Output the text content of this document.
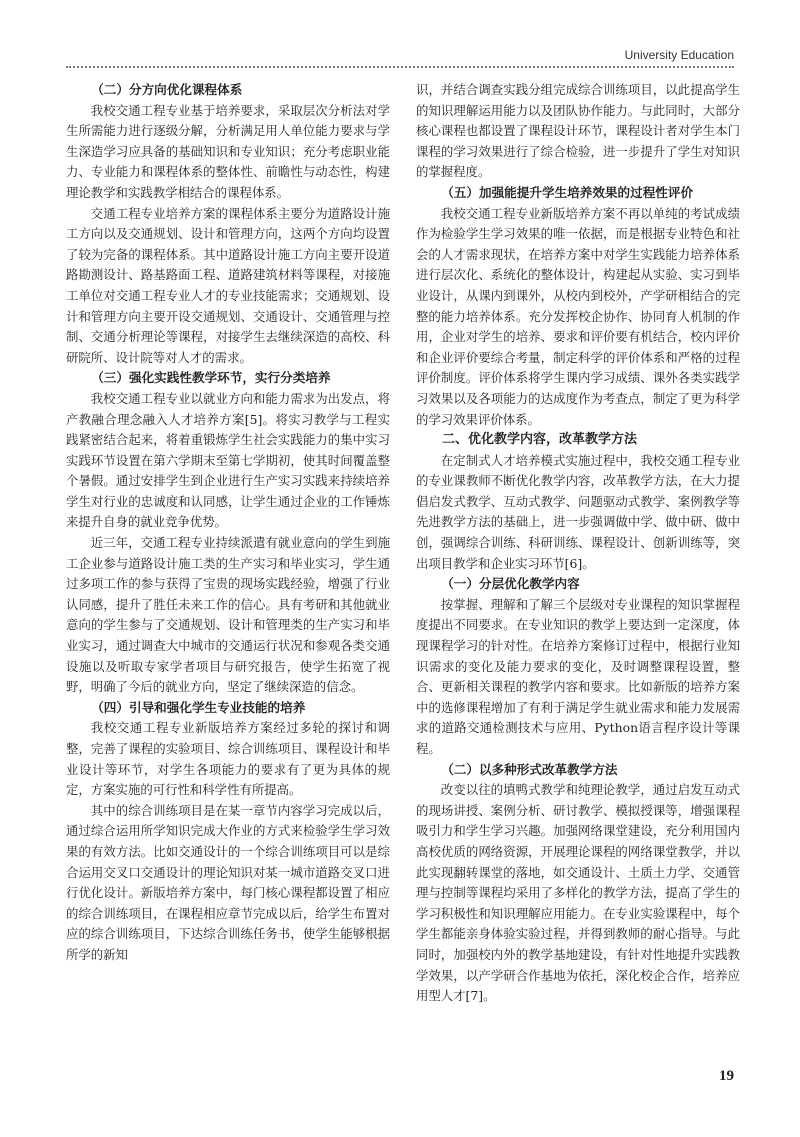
University Education
（二）分方向优化课程体系

我校交通工程专业基于培养要求，采取层次分析法对学生所需能力进行逐级分解，分析满足用人单位能力要求与学生深造学习应具备的基础知识和专业知识；充分考虑职业能力、专业能力和课程体系的整体性、前瞻性与动态性，构建理论教学和实践教学相结合的课程体系。

交通工程专业培养方案的课程体系主要分为道路设计施工方向以及交通规划、设计和管理方向，这两个方向均设置了较为完备的课程体系。其中道路设计施工方向主要开设道路勘测设计、路基路面工程、道路建筑材料等课程，对接施工单位对交通工程专业人才的专业技能需求；交通规划、设计和管理方向主要开设交通规划、交通设计、交通管理与控制、交通分析理论等课程，对接学生去继续深造的高校、科研院所、设计院等对人才的需求。

（三）强化实践性教学环节，实行分类培养

我校交通工程专业以就业方向和能力需求为出发点，将产教融合理念融入人才培养方案[5]。将实习教学与工程实践紧密结合起来，将着重锻炼学生社会实践能力的集中实习实践环节设置在第六学期末至第七学期初，使其时间覆盖整个暑假。通过安排学生到企业进行生产实习实践来持续培养学生对行业的忠诚度和认同感，让学生通过企业的工作锤炼来提升自身的就业竞争优势。

近三年，交通工程专业持续派遣有就业意向的学生到施工企业参与道路设计施工类的生产实习和毕业实习，学生通过多项工作的参与获得了宝贵的现场实践经验，增强了行业认同感，提升了胜任未来工作的信心。具有考研和其他就业意向的学生参与了交通规划、设计和管理类的生产实习和毕业实习，通过调查大中城市的交通运行状况和参观各类交通设施以及听取专家学者项目与研究报告，使学生拓宽了视野，明确了今后的就业方向，坚定了继续深造的信念。

（四）引导和强化学生专业技能的培养

我校交通工程专业新版培养方案经过多轮的探讨和调整，完善了课程的实验项目、综合训练项目、课程设计和毕业设计等环节，对学生各项能力的要求有了更为具体的规定，方案实施的可行性和科学性有所提高。

其中的综合训练项目是在某一章节内容学习完成以后，通过综合运用所学知识完成大作业的方式来检验学生学习效果的有效方法。比如交通设计的一个综合训练项目可以是综合运用交叉口交通设计的理论知识对某一城市道路交叉口进行优化设计。新版培养方案中，每门核心课程都设置了相应的综合训练项目，在课程相应章节完成以后，给学生布置对应的综合训练项目，下达综合训练任务书，使学生能够根据所学的新知

识，并结合调查实践分组完成综合训练项目，以此提高学生的知识理解运用能力以及团队协作能力。与此同时，大部分核心课程也都设置了课程设计环节，课程设计者对学生本门课程的学习效果进行了综合检验，进一步提升了学生对知识的掌握程度。

（五）加强能提升学生培养效果的过程性评价

我校交通工程专业新版培养方案不再以单纯的考试成绩作为检验学生学习效果的唯一依据，而是根据专业特色和社会的人才需求现状，在培养方案中对学生实践能力培养体系进行层次化、系统化的整体设计，构建起从实验、实习到毕业设计，从课内到课外，从校内到校外，产学研相结合的完整的能力培养体系。充分发挥校企协作、协同育人机制的作用，企业对学生的培养、要求和评价要有机结合，校内评价和企业评价要综合考量，制定科学的评价体系和严格的过程评价制度。评价体系将学生课内学习成绩、课外各类实践学习效果以及各项能力的达成度作为考查点，制定了更为科学的学习效果评价体系。

二、优化教学内容，改革教学方法

在定制式人才培养模式实施过程中，我校交通工程专业的专业课教师不断优化教学内容，改革教学方法，在大力提倡启发式教学、互动式教学、问题驱动式教学、案例教学等先进教学方法的基础上，进一步强调做中学、做中研、做中创，强调综合训练、科研训练、课程设计、创新训练等，突出项目教学和企业实习环节[6]。

（一）分层优化教学内容

按掌握、理解和了解三个层级对专业课程的知识掌握程度提出不同要求。在专业知识的教学上要达到一定深度，体现课程学习的针对性。在培养方案修订过程中，根据行业知识需求的变化及能力要求的变化，及时调整课程设置，整合、更新相关课程的教学内容和要求。比如新版的培养方案中的选修课程增加了有利于满足学生就业需求和能力发展需求的道路交通检测技术与应用、Python语言程序设计等课程。

（二）以多种形式改革教学方法

改变以往的填鸭式教学和纯理论教学，通过启发互动式的现场讲授、案例分析、研讨教学、模拟授课等，增强课程吸引力和学生学习兴趣。加强网络课堂建设，充分利用国内高校优质的网络资源，开展理论课程的网络课堂教学，并以此实现翻转课堂的落地，如交通设计、土质土力学、交通管理与控制等课程均采用了多样化的教学方法，提高了学生的学习积极性和知识理解应用能力。在专业实验课程中，每个学生都能亲身体验实验过程，并得到教师的耐心指导。与此同时，加强校内外的教学基地建设，有针对性地提升实践教学效果，以产学研合作基地为依托，深化校企合作，培养应用型人才[7]。

19
